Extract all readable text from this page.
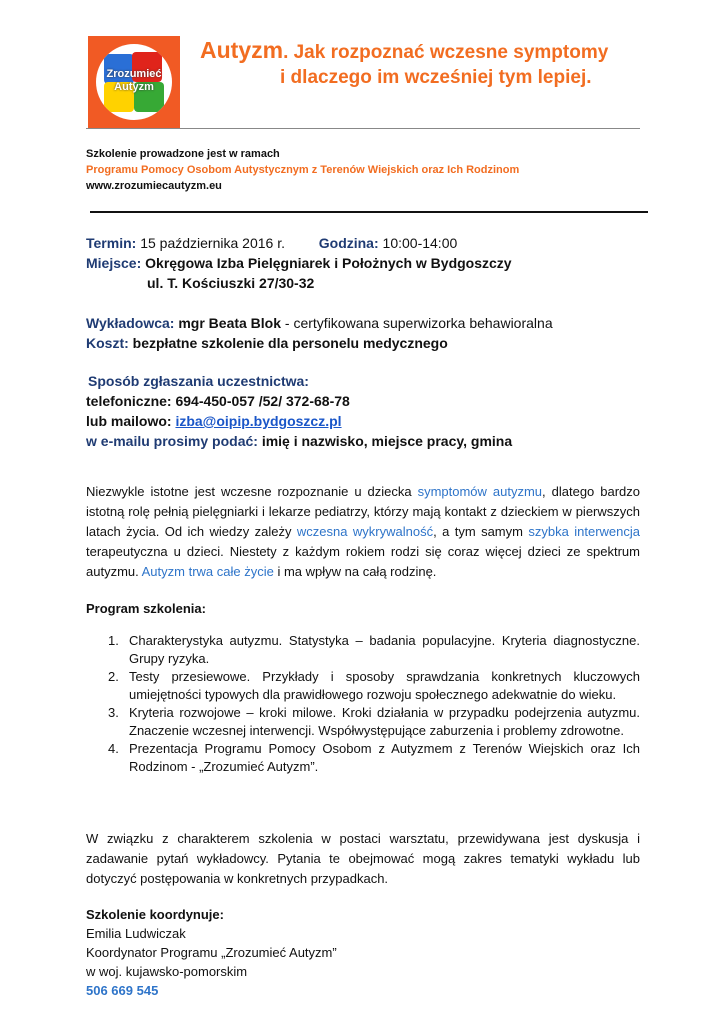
Zrozumieć
Autyzm
Autyzm. Jak rozpoznać wczesne symptomy
i dlaczego im wcześniej tym lepiej.
Szkolenie prowadzone jest w ramach
Programu Pomocy Osobom Autystycznym z Terenów Wiejskich oraz Ich Rodzinom
www.zrozumiecautyzm.eu
Termin: 15 października 2016 r. Godzina: 10:00-14:00
Miejsce: Okręgowa Izba Pielęgniarek i Położnych w Bydgoszczy
ul. T. Kościuszki 27/30-32
Wykładowca: mgr Beata Blok - certyfikowana superwizorka behawioralna
Koszt: bezpłatne szkolenie dla personelu medycznego
Sposób zgłaszania uczestnictwa:
telefoniczne: 694-450-057 /52/ 372-68-78
lub mailowo: izba@oipip.bydgoszcz.pl
w e-mailu prosimy podać: imię i nazwisko, miejsce pracy, gmina
Niezwykle istotne jest wczesne rozpoznanie u dziecka symptomów autyzmu, dlatego bardzo istotną rolę pełnią pielęgniarki i lekarze pediatrzy, którzy mają kontakt z dzieckiem w pierwszych latach życia. Od ich wiedzy zależy wczesna wykrywalność, a tym samym szybka interwencja terapeutyczna u dzieci. Niestety z każdym rokiem rodzi się coraz więcej dzieci ze spektrum autyzmu. Autyzm trwa całe życie i ma wpływ na całą rodzinę.
Program szkolenia:
1. Charakterystyka autyzmu. Statystyka – badania populacyjne. Kryteria diagnostyczne. Grupy ryzyka.
2. Testy przesiewowe. Przykłady i sposoby sprawdzania konkretnych kluczowych umiejętności typowych dla prawidłowego rozwoju społecznego adekwatnie do wieku.
3. Kryteria rozwojowe – kroki milowe. Kroki działania w przypadku podejrzenia autyzmu. Znaczenie wczesnej interwencji. Współwystępujące zaburzenia i problemy zdrowotne.
4. Prezentacja Programu Pomocy Osobom z Autyzmem z Terenów Wiejskich oraz Ich Rodzinom - „Zrozumieć Autyzm”.
W związku z charakterem szkolenia w postaci warsztatu, przewidywana jest dyskusja i zadawanie pytań wykładowcy. Pytania te obejmować mogą zakres tematyki wykładu lub dotyczyć postępowania w konkretnych przypadkach.
Szkolenie koordynuje:
Emilia Ludwiczak
Koordynator Programu „Zrozumieć Autyzm”
w woj. kujawsko-pomorskim
506 669 545
